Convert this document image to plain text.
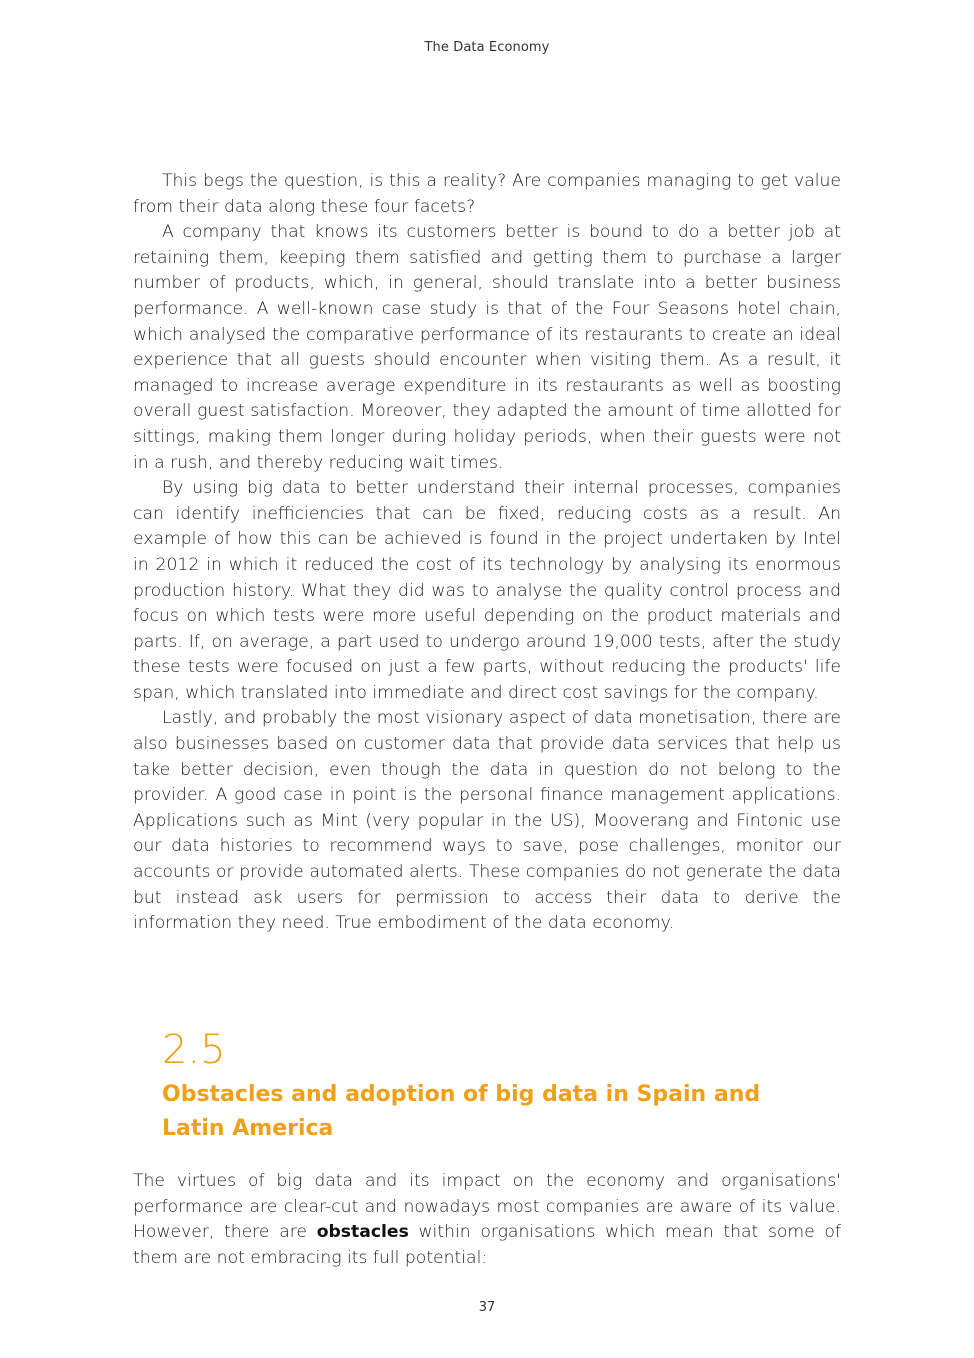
The Data Economy

This begs the question, is this a reality? Are companies managing to get value from their data along these four facets?

A company that knows its customers better is bound to do a better job at retaining them, keeping them satisfied and getting them to purchase a larger number of products, which, in general, should translate into a better business performance. A well-known case study is that of the Four Seasons hotel chain, which analysed the comparative performance of its restaurants to create an ideal experience that all guests should encounter when visiting them. As a result, it managed to increase average expenditure in its restaurants as well as boosting overall guest satisfaction. Moreover, they adapted the amount of time allotted for sittings, making them longer during holiday periods, when their guests were not in a rush, and thereby reducing wait times.

By using big data to better understand their internal processes, companies can identify inefficiencies that can be fixed, reducing costs as a result. An example of how this can be achieved is found in the project undertaken by Intel in 2012 in which it reduced the cost of its technology by analysing its enormous production history. What they did was to analyse the quality control process and focus on which tests were more useful depending on the product materials and parts. If, on average, a part used to undergo around 19,000 tests, after the study these tests were focused on just a few parts, without reducing the products' life span, which translated into immediate and direct cost savings for the company.

Lastly, and probably the most visionary aspect of data monetisation, there are also businesses based on customer data that provide data services that help us take better decision, even though the data in question do not belong to the provider. A good case in point is the personal finance management applications. Applications such as Mint (very popular in the US), Mooverang and Fintonic use our data histories to recommend ways to save, pose challenges, monitor our accounts or provide automated alerts. These companies do not generate the data but instead ask users for permission to access their data to derive the information they need. True embodiment of the data economy.

2.5
Obstacles and adoption of big data in Spain and Latin America

The virtues of big data and its impact on the economy and organisations' performance are clear-cut and nowadays most companies are aware of its value. However, there are obstacles within organisations which mean that some of them are not embracing its full potential:

37
